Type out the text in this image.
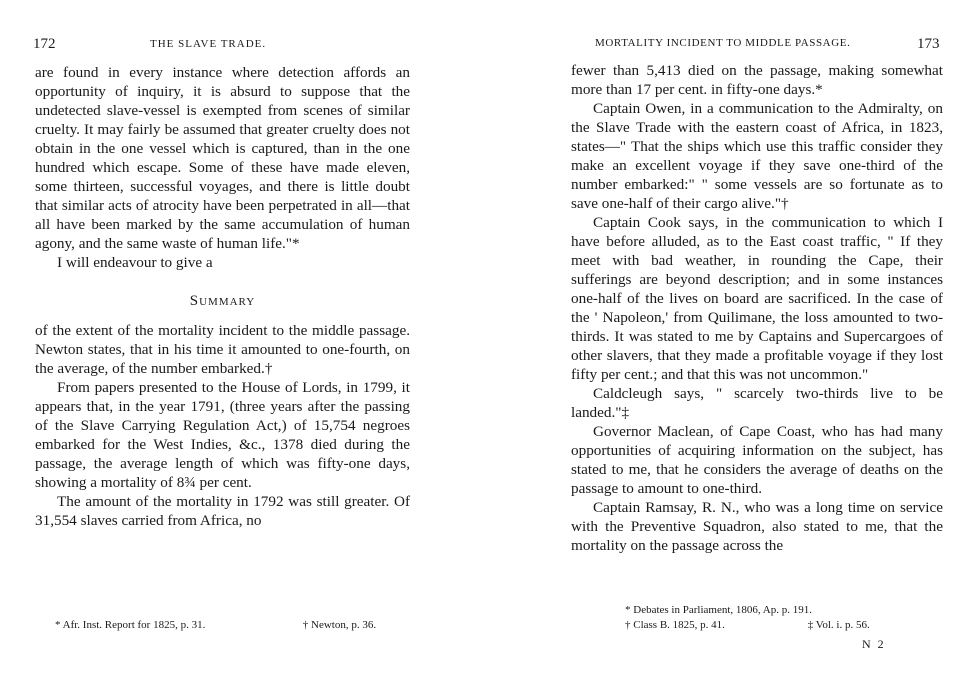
172	THE SLAVE TRADE.

are found in every instance where detection affords an opportunity of inquiry, it is absurd to suppose that the undetected slave-vessel is exempted from scenes of similar cruelty. It may fairly be assumed that greater cruelty does not obtain in the one vessel which is captured, than in the one hundred which escape. Some of these have made eleven, some thirteen, successful voyages, and there is little doubt that similar acts of atrocity have been perpetrated in all—that all have been marked by the same accumulation of human agony, and the same waste of human life."*

I will endeavour to give a

Summary

of the extent of the mortality incident to the middle passage. Newton states, that in his time it amounted to one-fourth, on the average, of the number embarked.†

From papers presented to the House of Lords, in 1799, it appears that, in the year 1791, (three years after the passing of the Slave Carrying Regulation Act,) of 15,754 negroes embarked for the West Indies, &c., 1378 died during the passage, the average length of which was fifty-one days, showing a mortality of 8¾ per cent.

The amount of the mortality in 1792 was still greater. Of 31,554 slaves carried from Africa, no

* Afr. Inst. Report for 1825, p. 31.	† Newton, p. 36.
MORTALITY INCIDENT TO MIDDLE PASSAGE.	173

fewer than 5,413 died on the passage, making somewhat more than 17 per cent. in fifty-one days.*

Captain Owen, in a communication to the Admiralty, on the Slave Trade with the eastern coast of Africa, in 1823, states—" That the ships which use this traffic consider they make an excellent voyage if they save one-third of the number embarked:" " some vessels are so fortunate as to save one-half of their cargo alive."†

Captain Cook says, in the communication to which I have before alluded, as to the East coast traffic, " If they meet with bad weather, in rounding the Cape, their sufferings are beyond description; and in some instances one-half of the lives on board are sacrificed. In the case of the ' Napoleon,' from Quilimane, the loss amounted to two-thirds. It was stated to me by Captains and Supercargoes of other slavers, that they made a profitable voyage if they lost fifty per cent.; and that this was not uncommon."

Caldcleugh says, " scarcely two-thirds live to be landed."‡

Governor Maclean, of Cape Coast, who has had many opportunities of acquiring information on the subject, has stated to me, that he considers the average of deaths on the passage to amount to one-third.

Captain Ramsay, R. N., who was a long time on service with the Preventive Squadron, also stated to me, that the mortality on the passage across the

* Debates in Parliament, 1806, Ap. p. 191.
† Class B. 1825, p. 41.	‡ Vol. i. p. 56.
N 2
